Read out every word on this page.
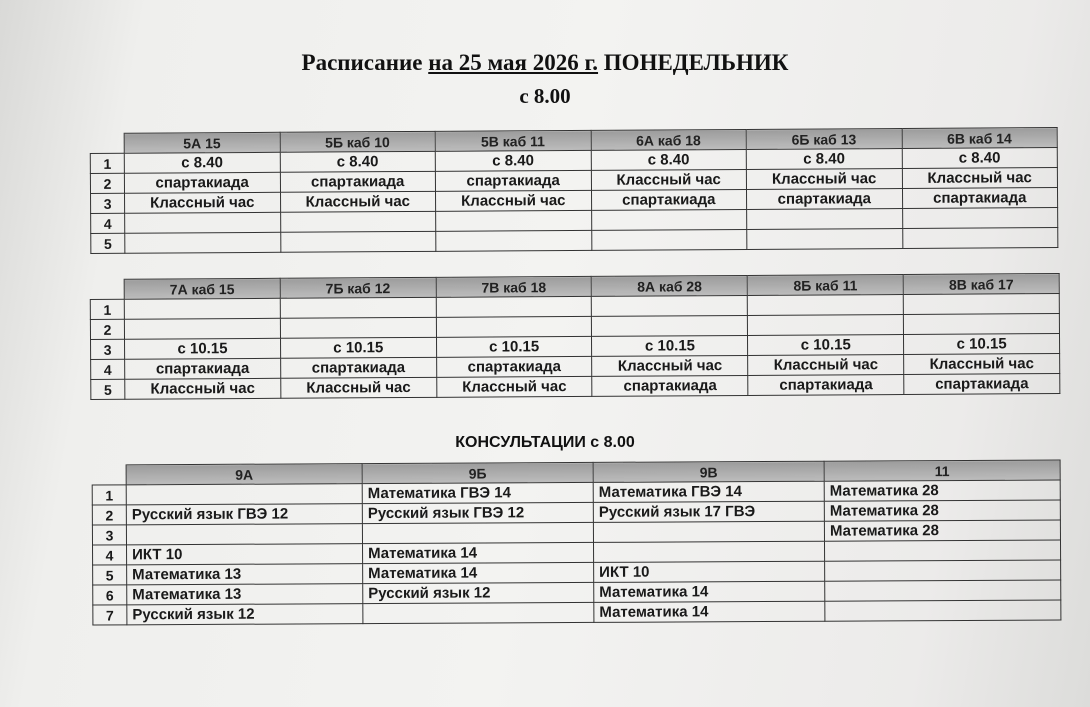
Расписание на 25 мая 2026 г. ПОНЕДЕЛЬНИК
с 8.00
	5А 15	5Б каб 10	5В каб 11	6А каб 18	6Б каб 13	6В каб 14
1	с 8.40	с 8.40	с 8.40	с 8.40	с 8.40	с 8.40
2	спартакиада	спартакиада	спартакиада	Классный час	Классный час	Классный час
3	Классный час	Классный час	Классный час	спартакиада	спартакиада	спартакиада
4						
5						
	7А каб 15	7Б каб 12	7В каб 18	8А каб 28	8Б каб 11	8В каб 17
1						
2						
3	с 10.15	с 10.15	с 10.15	с 10.15	с 10.15	с 10.15
4	спартакиада	спартакиада	спартакиада	Классный час	Классный час	Классный час
5	Классный час	Классный час	Классный час	спартакиада	спартакиада	спартакиада
КОНСУЛЬТАЦИИ с 8.00
	9А	9Б	9В	11
1		Математика ГВЭ 14	Математика ГВЭ 14	Математика 28
2	Русский язык ГВЭ 12	Русский язык ГВЭ 12	Русский язык 17 ГВЭ	Математика 28
3				Математика 28
4	ИКТ 10	Математика 14		
5	Математика 13	Математика 14	ИКТ 10	
6	Математика 13	Русский язык 12	Математика 14	
7	Русский язык 12		Математика 14	
